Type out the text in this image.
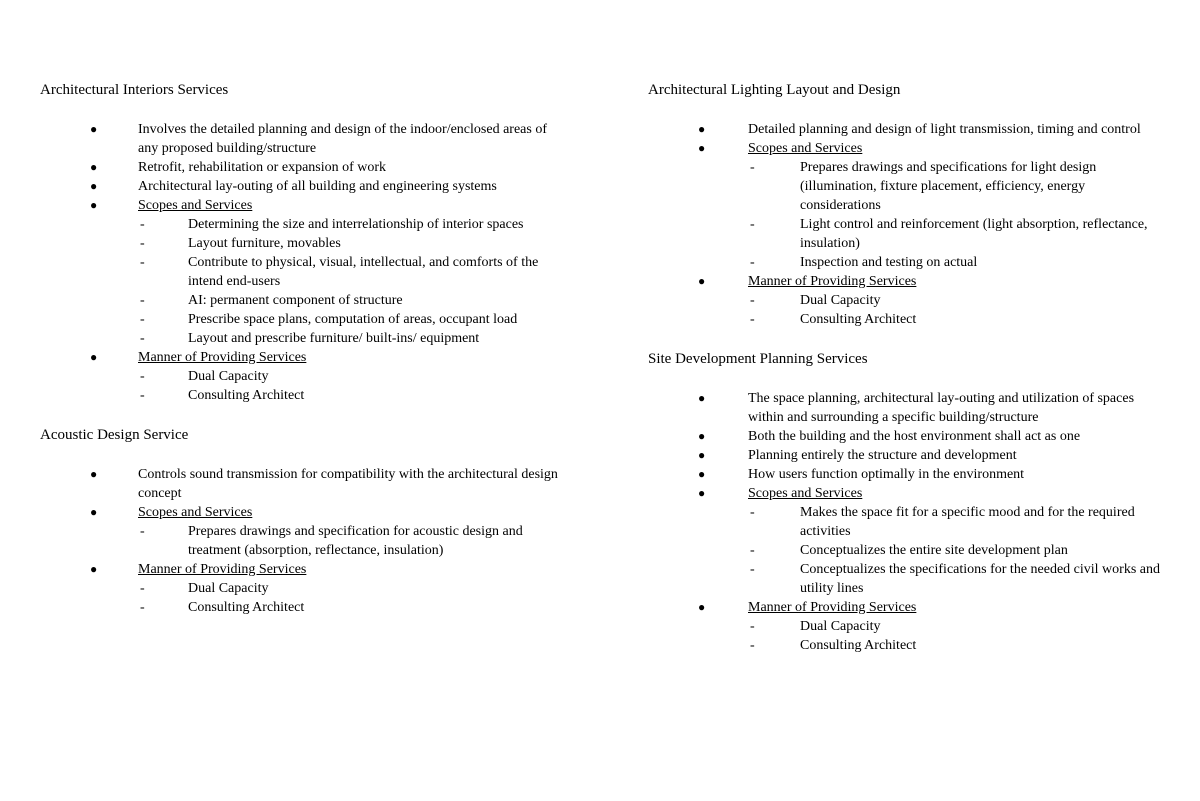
Architectural Interiors Services
●	Involves the detailed planning and design of the indoor/enclosed areas of any proposed building/structure
●	Retrofit, rehabilitation or expansion of work
●	Architectural lay-outing of all building and engineering systems
●	Scopes and Services
-	Determining the size and interrelationship of interior spaces
-	Layout furniture, movables
-	Contribute to physical, visual, intellectual, and comforts of the intend end-users
-	AI: permanent component of structure
-	Prescribe space plans, computation of areas, occupant load
-	Layout and prescribe furniture/ built-ins/ equipment
●	Manner of Providing Services
-	Dual Capacity
-	Consulting Architect
Acoustic Design Service
●	Controls sound transmission for compatibility with the architectural design concept
●	Scopes and Services
-	Prepares drawings and specification for acoustic design and treatment (absorption, reflectance, insulation)
●	Manner of Providing Services
-	Dual Capacity
-	Consulting Architect
Architectural Lighting Layout and Design
●	Detailed planning and design of light transmission, timing and control
●	Scopes and Services
-	Prepares drawings and specifications for light design (illumination, fixture placement, efficiency, energy considerations
-	Light control and reinforcement (light absorption, reflectance, insulation)
-	Inspection and testing on actual
●	Manner of Providing Services
-	Dual Capacity
-	Consulting Architect
Site Development Planning Services
●	The space planning, architectural lay-outing and utilization of spaces within and surrounding a specific building/structure
●	Both the building and the host environment shall act as one
●	Planning entirely the structure and development
●	How users function optimally in the environment
●	Scopes and Services
-	Makes the space fit for a specific mood and for the required activities
-	Conceptualizes the entire site development plan
-	Conceptualizes the specifications for the needed civil works and utility lines
●	Manner of Providing Services
-	Dual Capacity
-	Consulting Architect
